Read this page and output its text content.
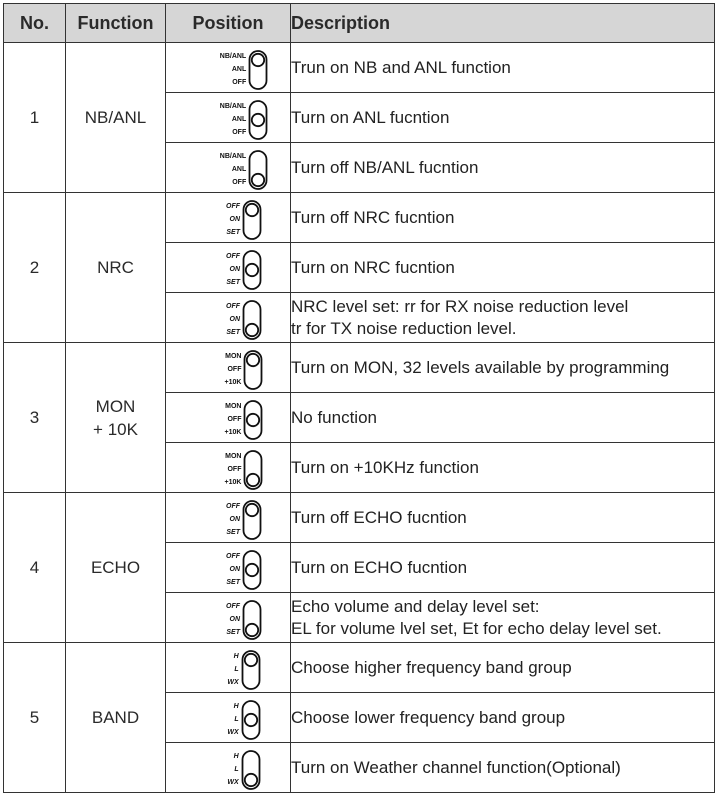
No.	Function	Position	Description
1	NB/ANL	NB/ANL
ANL
OFF	Trun on NB and ANL function

		NB/ANL
ANL
OFF	Turn on ANL fucntion

		NB/ANL
ANL
OFF	Turn off NB/ANL fucntion

2	NRC	OFF
ON
SET	Turn off NRC fucntion

		OFF
ON
SET	Turn on NRC fucntion

		OFF
ON
SET	NRC level set: rr for RX noise reduction level
tr for TX noise reduction level.

3	MON
+ 10K	MON
OFF
+10K	Turn on MON, 32 levels available by programming

		MON
OFF
+10K	No function

		MON
OFF
+10K	Turn on +10KHz function

4	ECHO	OFF
ON
SET	Turn off ECHO fucntion

		OFF
ON
SET	Turn on ECHO fucntion

		OFF
ON
SET	Echo volume and delay level set:
EL for volume lvel set, Et for echo delay level set.

5	BAND	H
L
WX	Choose higher frequency band group

		H
L
WX	Choose lower frequency band group

		H
L
WX	Turn on Weather channel function(Optional)
